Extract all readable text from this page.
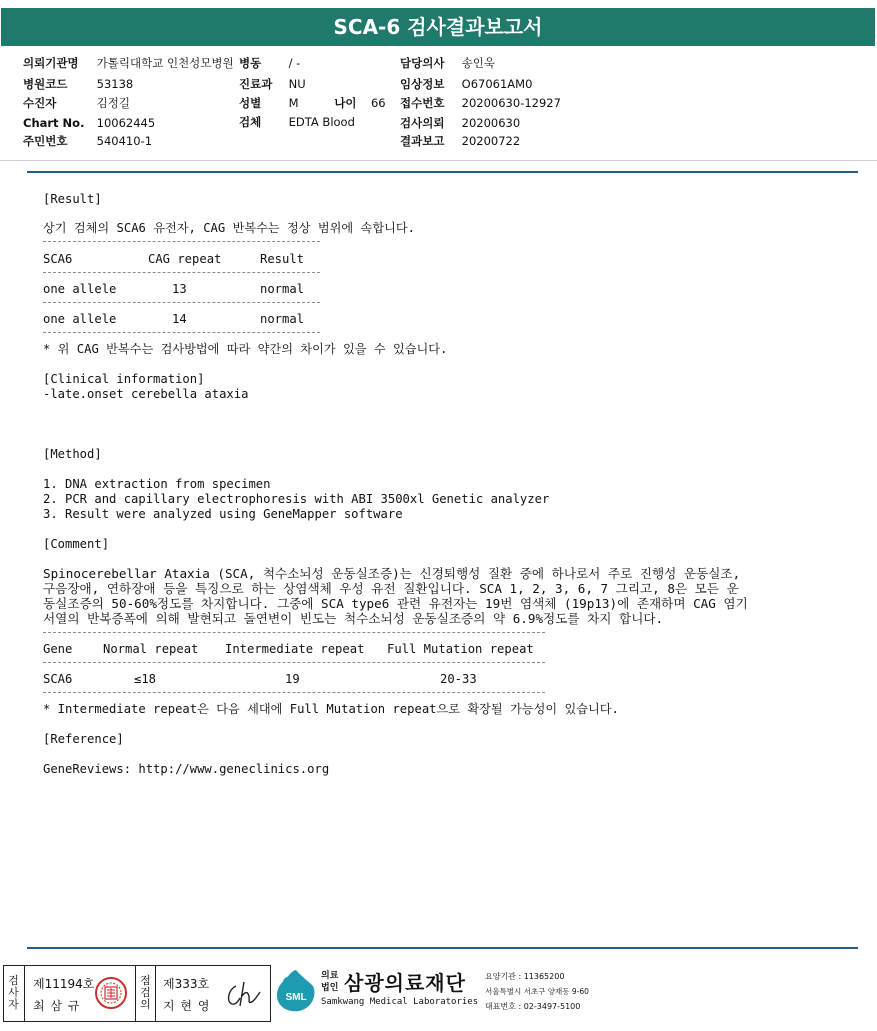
SCA-6 검사결과보고서
의뢰기관명 가톨릭대학교 인천성모병원 병동 / -	담당의사 송인욱
병원코드	53138	진료과 NU	임상정보 O67061AM0
수진자	김정길	성별 M	나이 66 접수번호 20200630-12927
Chart No. 10062445	검체 EDTA Blood	검사의뢰 20200630
주민번호	540410-1	결과보고 20200722
[Result]
상기 검체의 SCA6 유전자, CAG 반복수는 정상 범위에 속합니다.
SCA6	CAG repeat	Result
one allele	13	normal
one allele	14	normal
* 위 CAG 반복수는 검사방법에 따라 약간의 차이가 있을 수 있습니다.
[Clinical information]
-late.onset cerebella ataxia
[Method]
1. DNA extraction from specimen
2. PCR and capillary electrophoresis with ABI 3500xl Genetic analyzer
3. Result were analyzed using GeneMapper software
[Comment]
Spinocerebellar Ataxia (SCA, 척수소뇌성 운동실조증)는 신경퇴행성 질환 중에 하나로서 주로 진행성 운동실조,
구음장애, 연하장애 등을 특징으로 하는 상염색체 우성 유전 질환입니다. SCA 1, 2, 3, 6, 7 그리고, 8은 모든 운
동실조증의 50-60%정도를 차지합니다. 그중에 SCA type6 관련 유전자는 19번 염색체 (19p13)에 존재하며 CAG 염기
서열의 반복증폭에 의해 발현되고 돌연변이 빈도는 척수소뇌성 운동실조증의 약 6.9%정도를 차지 합니다.
Gene	Normal repeat Intermediate repeat Full Mutation repeat
SCA6	≤18	19	20-33
* Intermediate repeat은 다음 세대에 Full Mutation repeat으로 확장될 가능성이 있습니다.
[Reference]
GeneReviews: http://www.geneclinics.org
검사자
제11194호
최 삼 규
점검의
제333호
지 현 영
SML
의료
법인 삼광의료재단
Samkwang Medical Laboratories
요양기관 : 11365200
서울특별시 서초구 양재동 9-60
대표번호 : 02-3497-5100
